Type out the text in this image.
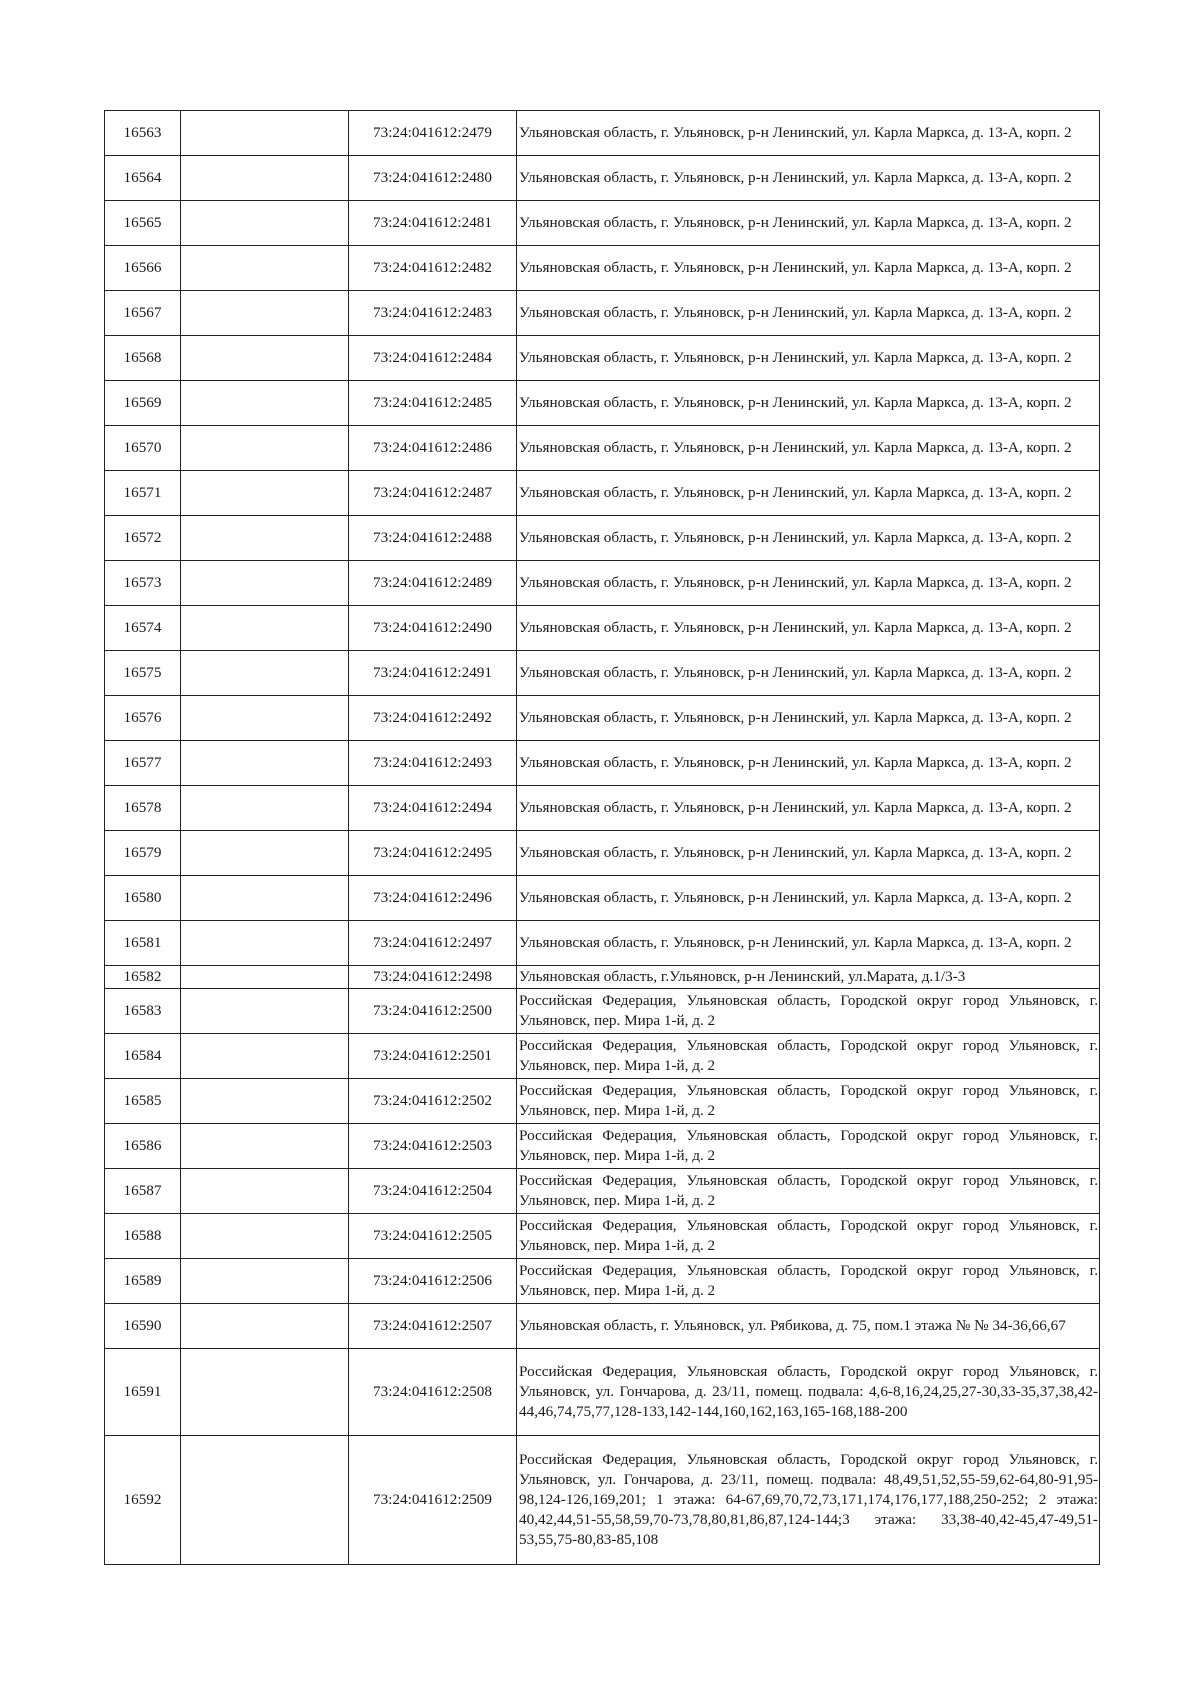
16563		73:24:041612:2479	Ульяновская область, г. Ульяновск, р-н Ленинский, ул. Карла Маркса, д. 13-А, корп. 2
16564		73:24:041612:2480	Ульяновская область, г. Ульяновск, р-н Ленинский, ул. Карла Маркса, д. 13-А, корп. 2
16565		73:24:041612:2481	Ульяновская область, г. Ульяновск, р-н Ленинский, ул. Карла Маркса, д. 13-А, корп. 2
16566		73:24:041612:2482	Ульяновская область, г. Ульяновск, р-н Ленинский, ул. Карла Маркса, д. 13-А, корп. 2
16567		73:24:041612:2483	Ульяновская область, г. Ульяновск, р-н Ленинский, ул. Карла Маркса, д. 13-А, корп. 2
16568		73:24:041612:2484	Ульяновская область, г. Ульяновск, р-н Ленинский, ул. Карла Маркса, д. 13-А, корп. 2
16569		73:24:041612:2485	Ульяновская область, г. Ульяновск, р-н Ленинский, ул. Карла Маркса, д. 13-А, корп. 2
16570		73:24:041612:2486	Ульяновская область, г. Ульяновск, р-н Ленинский, ул. Карла Маркса, д. 13-А, корп. 2
16571		73:24:041612:2487	Ульяновская область, г. Ульяновск, р-н Ленинский, ул. Карла Маркса, д. 13-А, корп. 2
16572		73:24:041612:2488	Ульяновская область, г. Ульяновск, р-н Ленинский, ул. Карла Маркса, д. 13-А, корп. 2
16573		73:24:041612:2489	Ульяновская область, г. Ульяновск, р-н Ленинский, ул. Карла Маркса, д. 13-А, корп. 2
16574		73:24:041612:2490	Ульяновская область, г. Ульяновск, р-н Ленинский, ул. Карла Маркса, д. 13-А, корп. 2
16575		73:24:041612:2491	Ульяновская область, г. Ульяновск, р-н Ленинский, ул. Карла Маркса, д. 13-А, корп. 2
16576		73:24:041612:2492	Ульяновская область, г. Ульяновск, р-н Ленинский, ул. Карла Маркса, д. 13-А, корп. 2
16577		73:24:041612:2493	Ульяновская область, г. Ульяновск, р-н Ленинский, ул. Карла Маркса, д. 13-А, корп. 2
16578		73:24:041612:2494	Ульяновская область, г. Ульяновск, р-н Ленинский, ул. Карла Маркса, д. 13-А, корп. 2
16579		73:24:041612:2495	Ульяновская область, г. Ульяновск, р-н Ленинский, ул. Карла Маркса, д. 13-А, корп. 2
16580		73:24:041612:2496	Ульяновская область, г. Ульяновск, р-н Ленинский, ул. Карла Маркса, д. 13-А, корп. 2
16581		73:24:041612:2497	Ульяновская область, г. Ульяновск, р-н Ленинский, ул. Карла Маркса, д. 13-А, корп. 2
16582		73:24:041612:2498	Ульяновская область, г.Ульяновск, р-н Ленинский, ул.Марата, д.1/3-3
16583		73:24:041612:2500	Российская Федерация, Ульяновская область, Городской округ город Ульяновск, г. Ульяновск, пер. Мира 1-й, д. 2
16584		73:24:041612:2501	Российская Федерация, Ульяновская область, Городской округ город Ульяновск, г. Ульяновск, пер. Мира 1-й, д. 2
16585		73:24:041612:2502	Российская Федерация, Ульяновская область, Городской округ город Ульяновск, г. Ульяновск, пер. Мира 1-й, д. 2
16586		73:24:041612:2503	Российская Федерация, Ульяновская область, Городской округ город Ульяновск, г. Ульяновск, пер. Мира 1-й, д. 2
16587		73:24:041612:2504	Российская Федерация, Ульяновская область, Городской округ город Ульяновск, г. Ульяновск, пер. Мира 1-й, д. 2
16588		73:24:041612:2505	Российская Федерация, Ульяновская область, Городской округ город Ульяновск, г. Ульяновск, пер. Мира 1-й, д. 2
16589		73:24:041612:2506	Российская Федерация, Ульяновская область, Городской округ город Ульяновск, г. Ульяновск, пер. Мира 1-й, д. 2
16590		73:24:041612:2507	Ульяновская область, г. Ульяновск, ул. Рябикова, д. 75, пом.1 этажа № № 34-36,66,67
16591		73:24:041612:2508	Российская Федерация, Ульяновская область, Городской округ город Ульяновск, г. Ульяновск, ул. Гончарова, д. 23/11, помещ. подвала: 4,6-8,16,24,25,27-30,33-35,37,38,42-44,46,74,75,77,128-133,142-144,160,162,163,165-168,188-200
16592		73:24:041612:2509	Российская Федерация, Ульяновская область, Городской округ город Ульяновск, г. Ульяновск, ул. Гончарова, д. 23/11, помещ. подвала: 48,49,51,52,55-59,62-64,80-91,95-98,124-126,169,201; 1 этажа: 64-67,69,70,72,73,171,174,176,177,188,250-252; 2 этажа: 40,42,44,51-55,58,59,70-73,78,80,81,86,87,124-144;3 этажа: 33,38-40,42-45,47-49,51-53,55,75-80,83-85,108
